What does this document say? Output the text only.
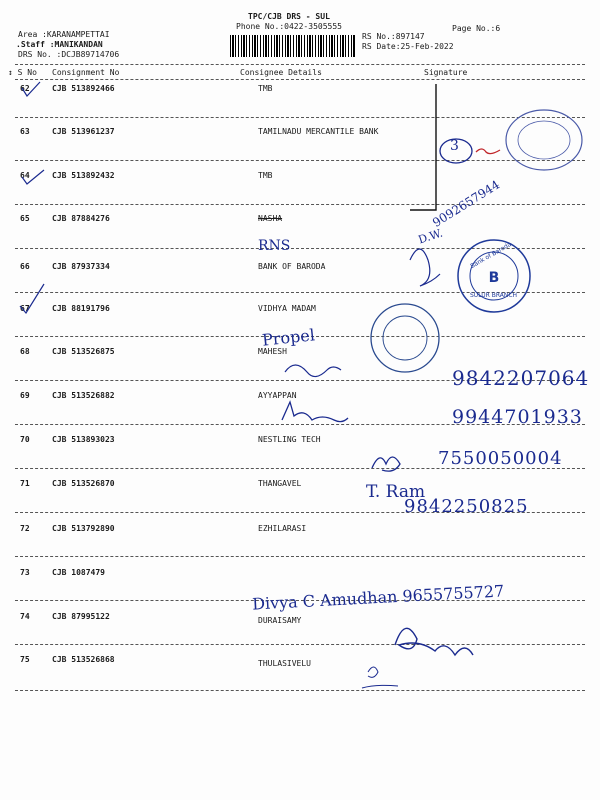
TPC/CJB DRS - SUL
Phone No.:0422-3505555
Area :KARANAMPETTAI
.Staff :MANIKANDAN
DRS No. :DCJB89714706
RS No.:897147
RS Date:25-Feb-2022
Page No.:6
↕ S No Consignment No	Consignee Details	Signature
62	CJB 513892466	TMB
63	CJB 513961237	TAMILNADU MERCANTILE BANK
64	CJB 513892432	TMB
65	CJB 87884276	NASHA
66	CJB 87937334	BANK OF BARODA
67	CJB 88191796	VIDHYA MADAM
68	CJB 513526875	MAHESH
69	CJB 513526882	AYYAPPAN
70	CJB 513893023	NESTLING TECH
71	CJB 513526870	THANGAVEL
72	CJB 513792890	EZHILARASI
73	CJB 1087479
74	CJB 87995122	DURAISAMY
75	CJB 513526868	THULASIVELU
B
3
RNS	D.W.
9092657944
Propel
9842207064
9944701933
7550050004
T. Ram
9842250825
Divya C Amudhan 9655755727
SULUR BRANCH
Bank of Baroda
